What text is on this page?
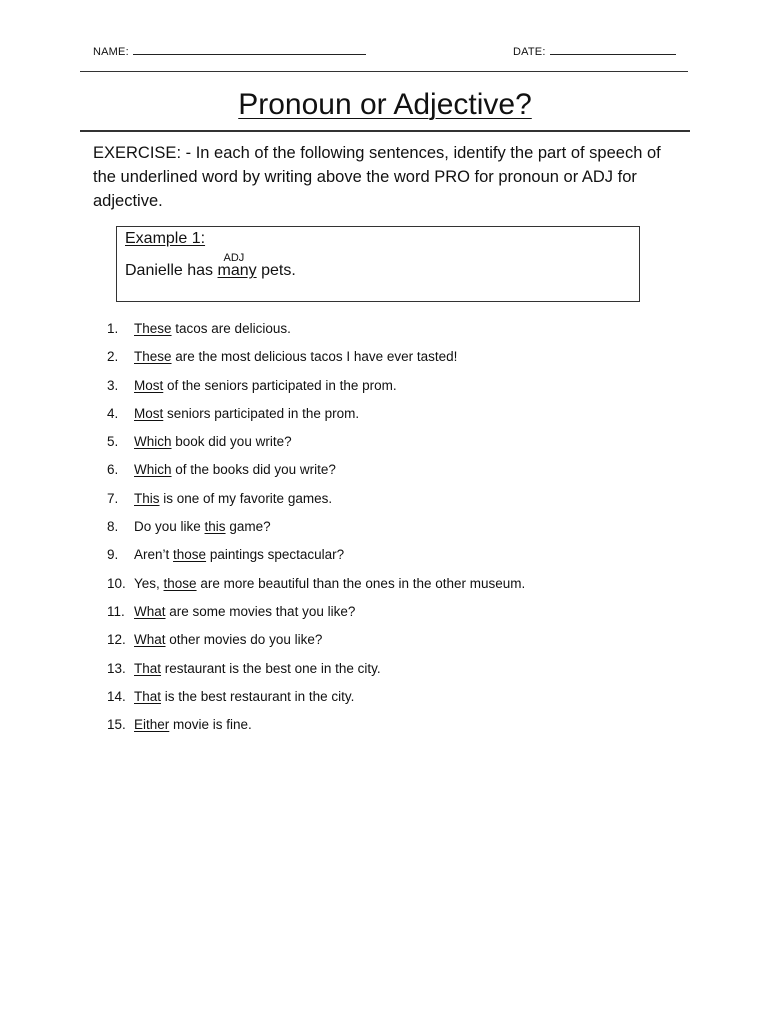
NAME:	DATE:
Pronoun or Adjective?
EXERCISE: - In each of the following sentences, identify the part of speech of the underlined word by writing above the word PRO for pronoun or ADJ for adjective.
Example 1:
Danielle has
ADJ
many pets.
1. These tacos are delicious.
2. These are the most delicious tacos I have ever tasted!
3. Most of the seniors participated in the prom.
4. Most seniors participated in the prom.
5. Which book did you write?
6. Which of the books did you write?
7. This is one of my favorite games.
8. Do you like this game?
9. Aren’t those paintings spectacular?
10. Yes, those are more beautiful than the ones in the other museum.
11. What are some movies that you like?
12. What other movies do you like?
13. That restaurant is the best one in the city.
14. That is the best restaurant in the city.
15. Either movie is fine.
